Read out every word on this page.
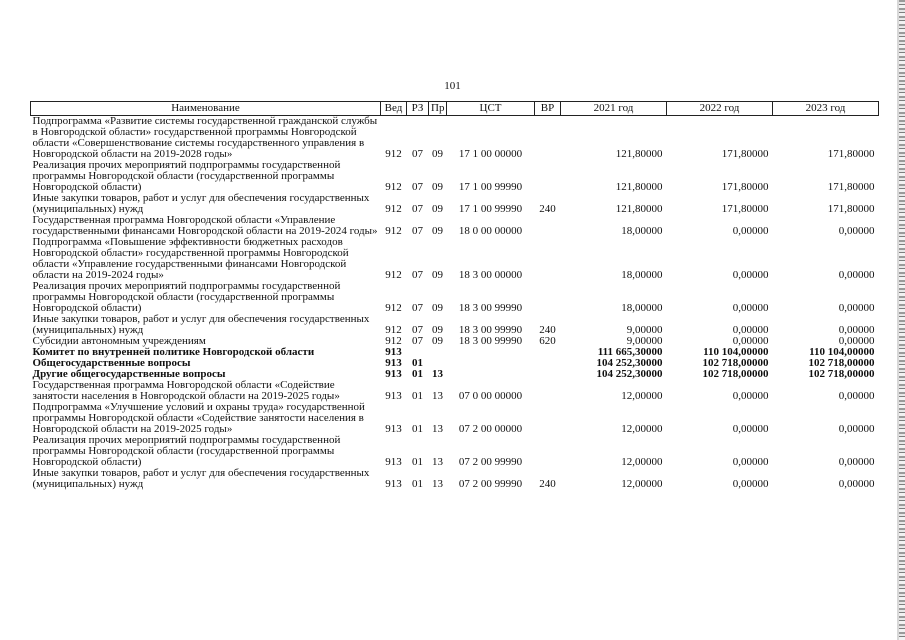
101
Наименование	Вед	РЗ	Пр	ЦСТ	ВР	2021 год	2022 год	2023 год
Подпрограмма «Развитие системы государственной гражданской службы в Новгородской области» государственной программы Новгородской области «Совершенствование системы государственного управления в Новгородской области на 2019-2028 годы»	912	07	09	17 1 00 00000		121,80000	171,80000	171,80000
Реализация прочих мероприятий подпрограммы государственной программы Новгородской области (государственной программы Новгородской области)	912	07	09	17 1 00 99990		121,80000	171,80000	171,80000
Иные закупки товаров, работ и услуг для обеспечения государственных (муниципальных) нужд	912	07	09	17 1 00 99990	240	121,80000	171,80000	171,80000
Государственная программа Новгородской области «Управление государственными финансами Новгородской области на 2019-2024 годы»	912	07	09	18 0 00 00000		18,00000	0,00000	0,00000
Подпрограмма «Повышение эффективности бюджетных расходов Новгородской области» государственной программы Новгородской области «Управление государственными финансами Новгородской области на 2019-2024 годы»	912	07	09	18 3 00 00000		18,00000	0,00000	0,00000
Реализация прочих мероприятий подпрограммы государственной программы Новгородской области (государственной программы Новгородской области)	912	07	09	18 3 00 99990		18,00000	0,00000	0,00000
Иные закупки товаров, работ и услуг для обеспечения государственных (муниципальных) нужд	912	07	09	18 3 00 99990	240	9,00000	0,00000	0,00000
Субсидии автономным учреждениям	912	07	09	18 3 00 99990	620	9,00000	0,00000	0,00000
Комитет по внутренней политике Новгородской области	913					111 665,30000	110 104,00000	110 104,00000
Общегосударственные вопросы	913	01				104 252,30000	102 718,00000	102 718,00000
Другие общегосударственные вопросы	913	01	13			104 252,30000	102 718,00000	102 718,00000
Государственная программа Новгородской области «Содействие занятости населения в Новгородской области на 2019-2025 годы»	913	01	13	07 0 00 00000		12,00000	0,00000	0,00000
Подпрограмма «Улучшение условий и охраны труда» государственной программы Новгородской области «Содействие занятости населения в Новгородской области на 2019-2025 годы»	913	01	13	07 2 00 00000		12,00000	0,00000	0,00000
Реализация прочих мероприятий подпрограммы государственной программы Новгородской области (государственной программы Новгородской области)	913	01	13	07 2 00 99990		12,00000	0,00000	0,00000
Иные закупки товаров, работ и услуг для обеспечения государственных (муниципальных) нужд	913	01	13	07 2 00 99990	240	12,00000	0,00000	0,00000
